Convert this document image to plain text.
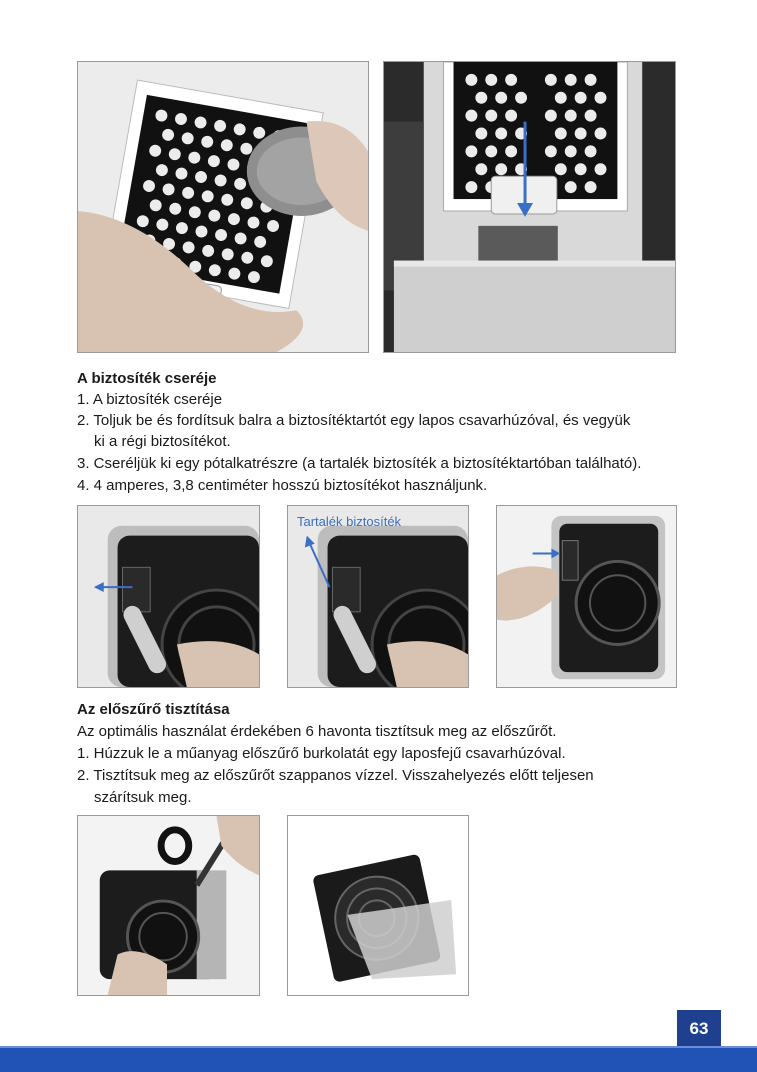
A biztosíték cseréje
1. A biztosíték cseréje
2. Toljuk be és fordítsuk balra a biztosítéktartót egy lapos csavarhúzóval, és vegyük
ki a régi biztosítékot.
3. Cseréljük ki egy pótalkatrészre (a tartalék biztosíték a biztosítéktartóban található).
4. 4 amperes, 3,8 centiméter hosszú biztosítékot használjunk.
Tartalék biztosíték
Az előszűrő tisztítása
Az optimális használat érdekében 6 havonta tisztítsuk meg az előszűrőt.
1. Húzzuk le a műanyag előszűrő burkolatát egy laposfejű csavarhúzóval.
2. Tisztítsuk meg az előszűrőt szappanos vízzel. Visszahelyezés előtt teljesen
szárítsuk meg.
63
